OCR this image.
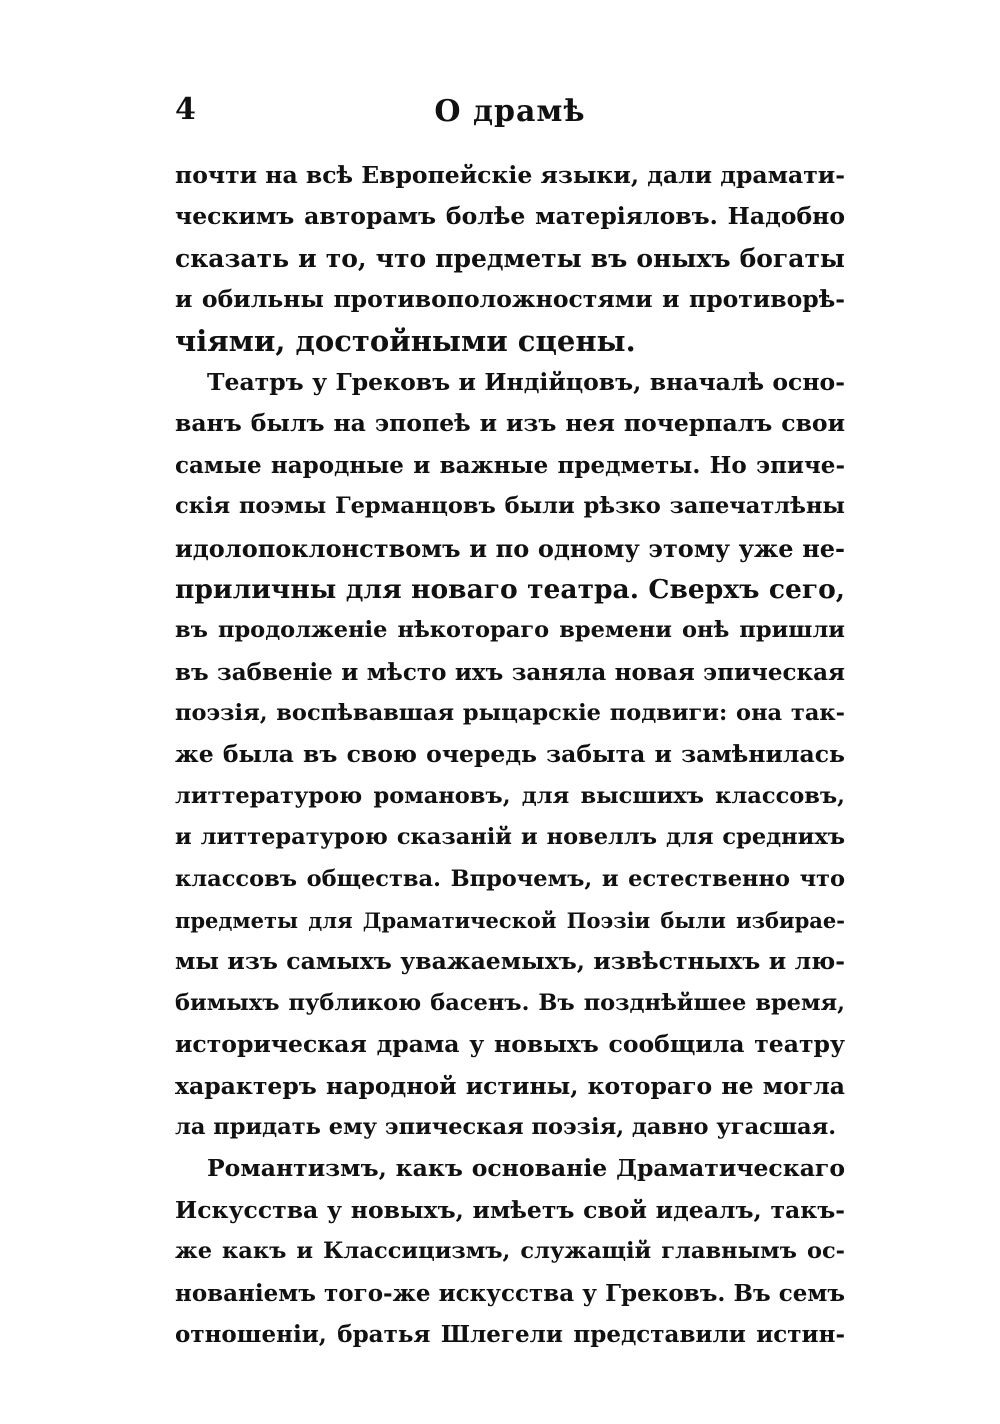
4	О драмѣ
почти на всѣ Европейскіе языки, дали драмати-
ческимъ авторамъ болѣе матеріяловъ. Надобно
сказать и то, что предметы въ оныхъ богаты
и обильны противоположностями и противорѣ-
чіями, достойными сцены.
Театръ у Грековъ и Индійцовъ, вначалѣ осно-
ванъ былъ на эпопеѣ и изъ нея почерпалъ свои
самые народные и важные предметы. Но эпиче-
скія поэмы Германцовъ были рѣзко запечатлѣны
идолопоклонствомъ и по одному этому уже не-
приличны для новаго театра. Сверхъ сего,
въ продолженіе нѣкотораго времени онѣ пришли
въ забвеніе и мѣсто ихъ заняла новая эпическая
поэзія, воспѣвавшая рыцарскіе подвиги: она так-
же была въ свою очередь забыта и замѣнилась
литтературою романовъ, для высшихъ классовъ,
и литтературою сказаній и новеллъ для среднихъ
классовъ общества. Впрочемъ, и естественно что
предметы для Драматической Поэзіи были избирае-
мы изъ самыхъ уважаемыхъ, извѣстныхъ и лю-
бимыхъ публикою басенъ. Въ позднѣйшее время,
историческая драма у новыхъ сообщила театру
характеръ народной истины, котораго не могла
ла придать ему эпическая поэзія, давно угасшая.
Романтизмъ, какъ основаніе Драматическаго
Искусства у новыхъ, имѣетъ свой идеалъ, такъ-
же какъ и Классицизмъ, служащій главнымъ ос-
нованіемъ того-же искусства у Грековъ. Въ семъ
отношеніи, братья Шлегели представили истин-
